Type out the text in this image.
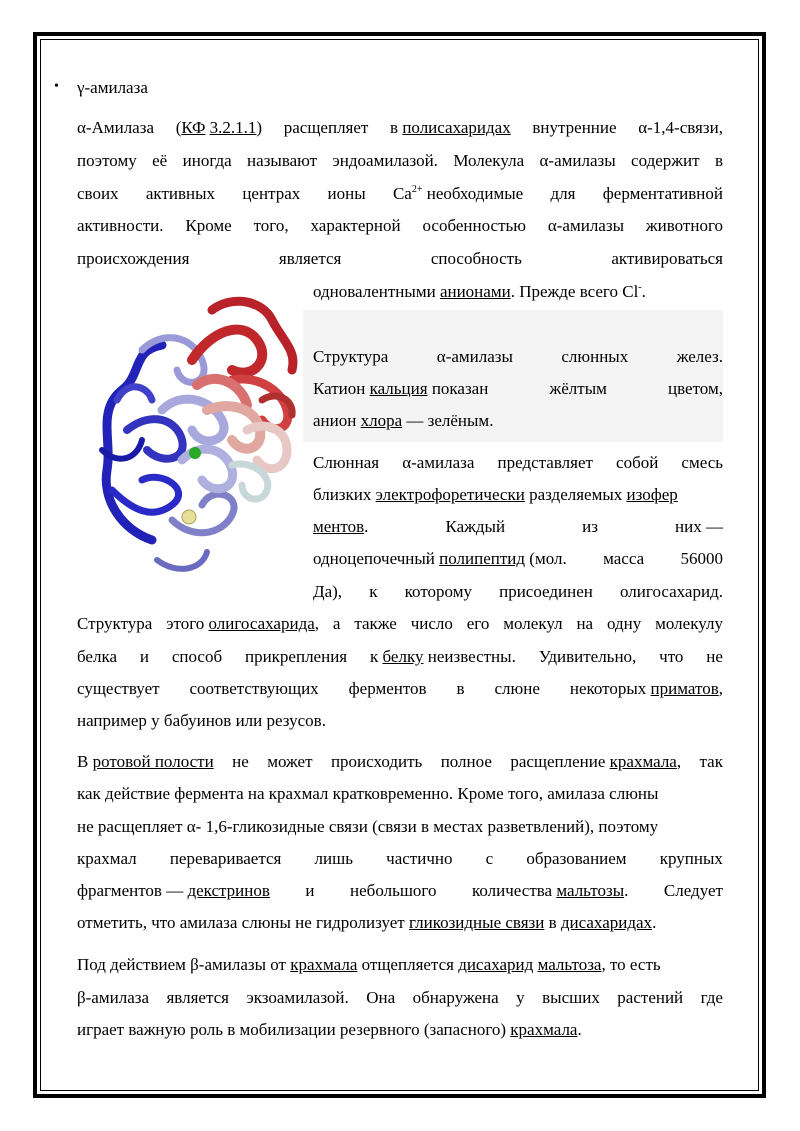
• γ-амилаза
α-Амилаза (КФ 3.2.1.1) расщепляет в полисахаридах внутренние α-1,4-связи,
поэтому её иногда называют эндоамилазой. Молекула α-амилазы содержит в
своих активных центрах ионы $Ca^{2+}$ необходимые для ферментативной
активности. Кроме того, характерной особенностью α-амилазы животного
происхождения	является	способность	активироваться
одновалентными анионами. Прежде всего Cl-.
Структура	α-амилазы	слюнных	желез.
Катион кальция показан	жёлтым	цветом,
анион хлора — зелёным.
Слюнная α-амилаза представляет собой смесь
близких электрофоретически разделяемых изофер
ментов.	Каждый	из	них —
одноцепочечный полипептид (мол. масса 56000
Да), к которому присоединен олигосахарид.
Структура этого олигосахарида, а также число его молекул на одну молекулу
белка и способ прикрепления к белку неизвестны. Удивительно, что не
существует соответствующих ферментов в слюне некоторых приматов,
например у бабуинов или резусов.
В ротовой полости не может происходить полное расщепление крахмала, так
как действие фермента на крахмал кратковременно. Кроме того, амилаза слюны
не расщепляет α- 1,6-гликозидные связи (связи в местах разветвлений), поэтому
крахмал переваривается лишь частично с образованием крупных
фрагментов — декстринов и небольшого количества мальтозы. Следует
отметить, что амилаза слюны не гидролизует гликозидные связи в дисахаридах.
Под действием β-амилазы от крахмала отщепляется дисахарид мальтоза, то есть
β-амилаза является экзоамилазой. Она обнаружена у высших растений где
играет важную роль в мобилизации резервного (запасного) крахмала.
